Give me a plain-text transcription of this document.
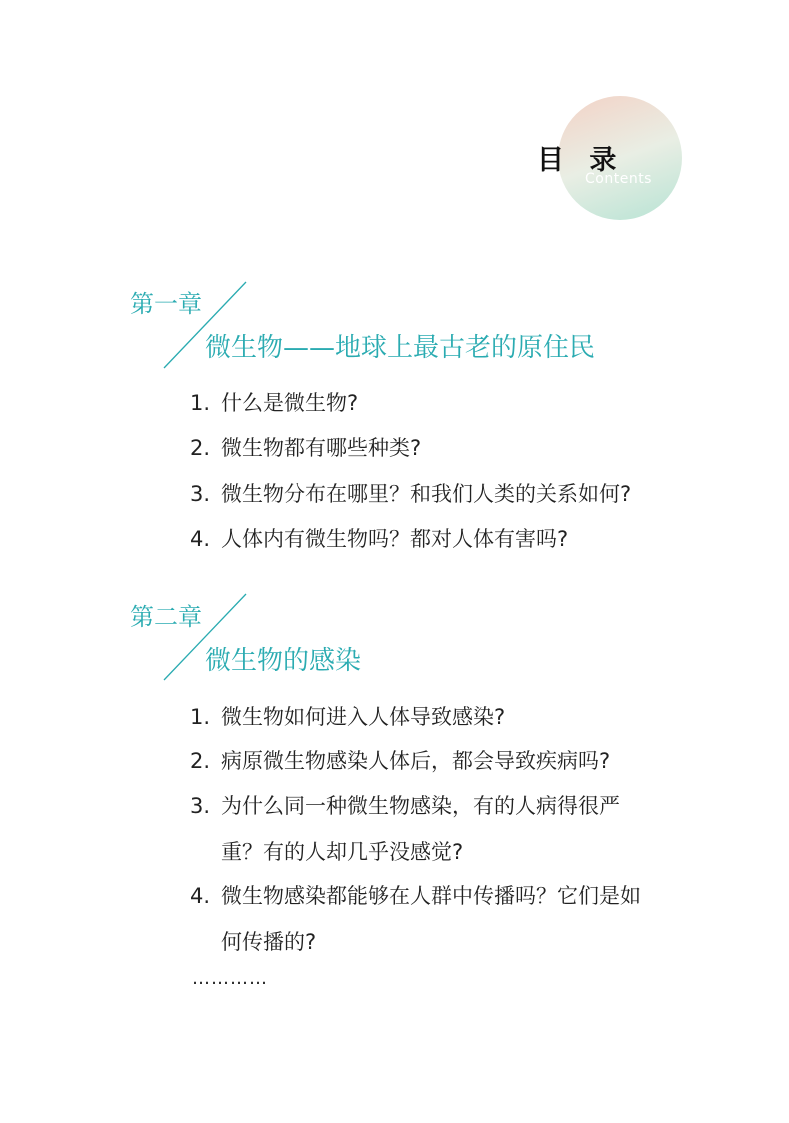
目 录
Contents
第一章
微生物——地球上最古老的原住民
1. 什么是微生物?
2. 微生物都有哪些种类?
3. 微生物分布在哪里？和我们人类的关系如何?
4. 人体内有微生物吗？都对人体有害吗?
第二章
微生物的感染
1. 微生物如何进入人体导致感染?
2. 病原微生物感染人体后，都会导致疾病吗?
3. 为什么同一种微生物感染，有的人病得很严
重？有的人却几乎没感觉?
4. 微生物感染都能够在人群中传播吗？它们是如
何传播的?
…………
